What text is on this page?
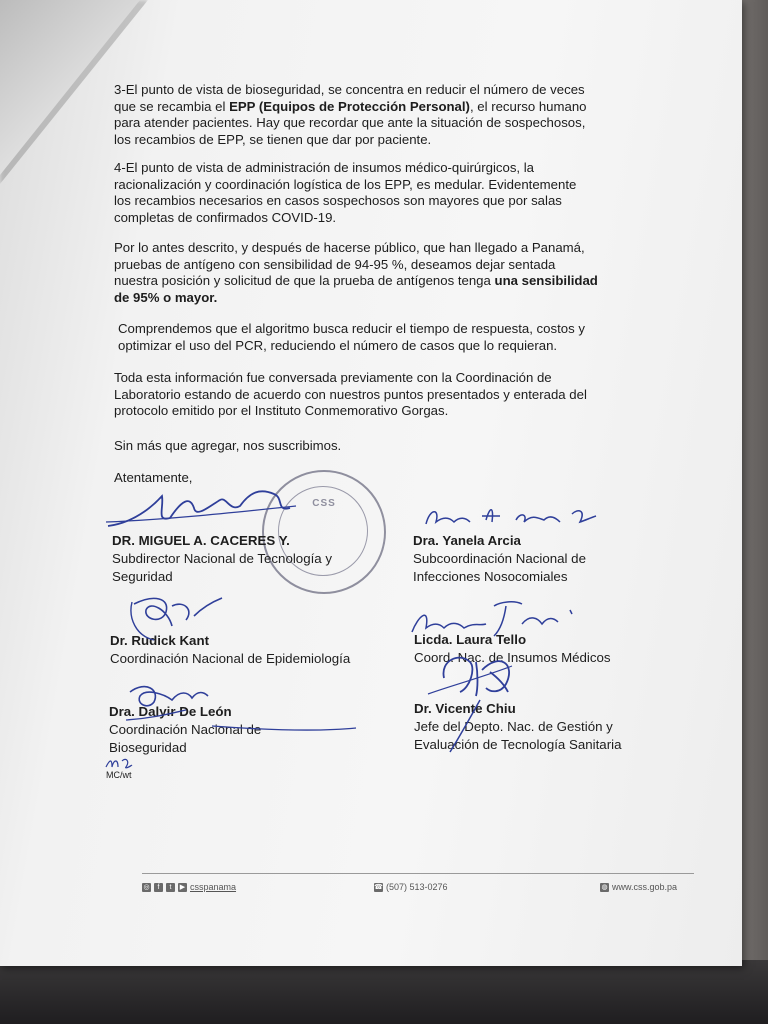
3-El punto de vista de bioseguridad, se concentra en reducir el número de veces
que se recambia el EPP (Equipos de Protección Personal), el recurso humano
para atender pacientes. Hay que recordar que ante la situación de sospechosos,
los recambios de EPP, se tienen que dar por paciente.
4-El punto de vista de administración de insumos médico-quirúrgicos, la
racionalización y coordinación logística de los EPP, es medular. Evidentemente
los recambios necesarios en casos sospechosos son mayores que por salas
completas de confirmados COVID-19.
Por lo antes descrito, y después de hacerse público, que han llegado a Panamá,
pruebas de antígeno con sensibilidad de 94-95 %, deseamos dejar sentada
nuestra posición y solicitud de que la prueba de antígenos tenga una sensibilidad
de 95% o mayor.
Comprendemos que el algoritmo busca reducir el tiempo de respuesta, costos y
optimizar el uso del PCR, reduciendo el número de casos que lo requieran.
Toda esta información fue conversada previamente con la Coordinación de
Laboratorio estando de acuerdo con nuestros puntos presentados y enterada del
protocolo emitido por el Instituto Conmemorativo Gorgas.
Sin más que agregar, nos suscribimos.
Atentamente,
CSS
DR. MIGUEL A. CACERES Y.
Subdirector Nacional de Tecnología y
Seguridad
Dra. Yanela Arcia
Subcoordinación Nacional de
Infecciones Nosocomiales
Dr. Rudick Kant
Coordinación Nacional de Epidemiología
Licda. Laura Tello
Coord. Nac. de Insumos Médicos
Dra. Dalyir De León
Coordinación Nacional de
Bioseguridad
Dr. Vicente Chiu
Jefe del Depto. Nac. de Gestión y
Evaluación de Tecnología Sanitaria
MC/wt
◎	f	t	▶ csspanama	☎ (507) 513-0276	◍ www.css.gob.pa
